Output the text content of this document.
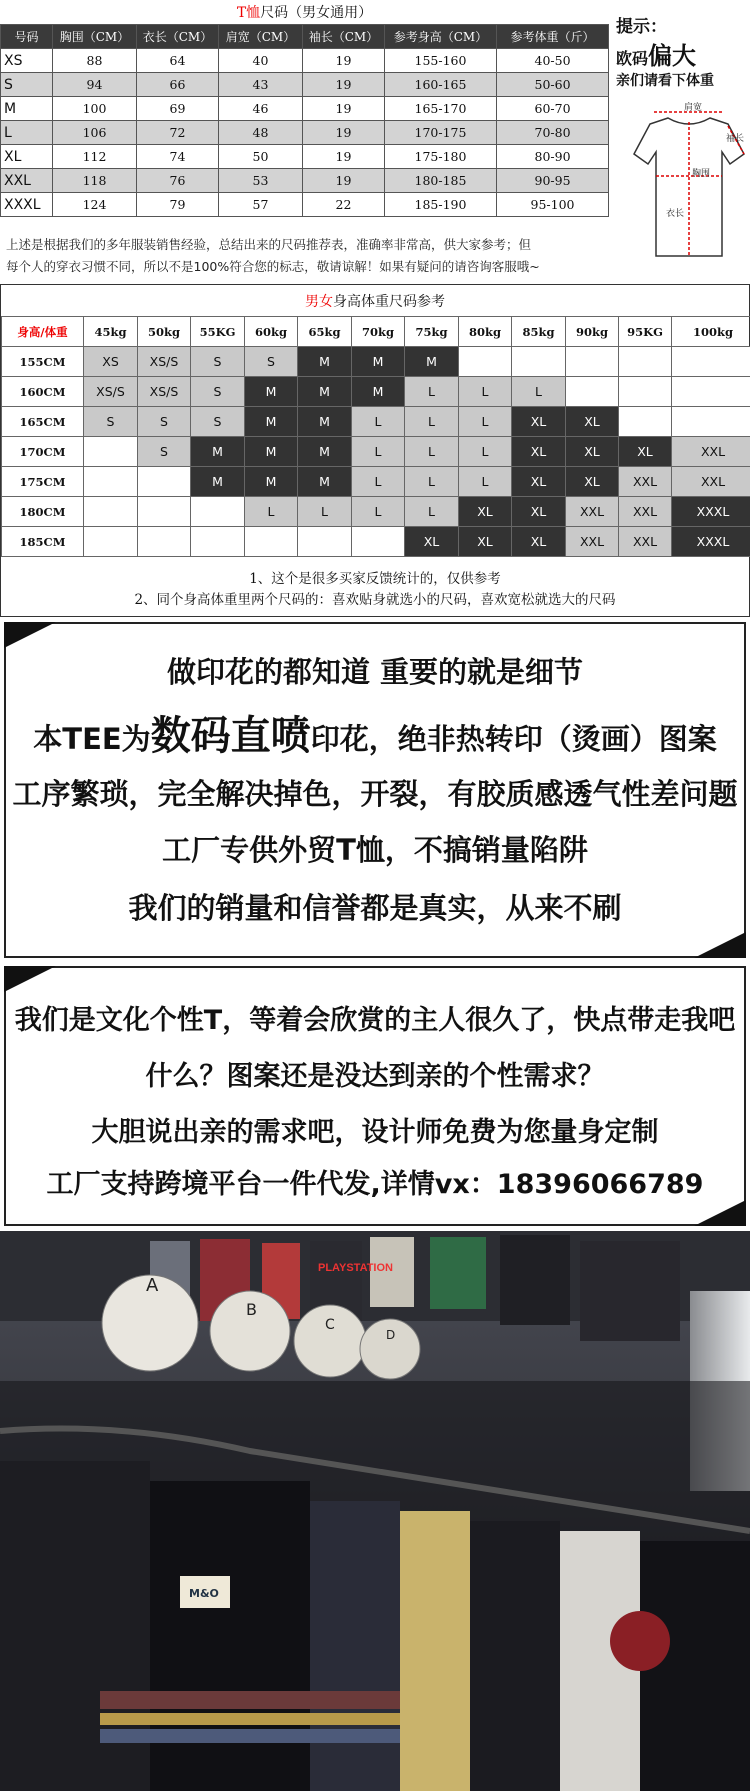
T恤尺码（男女通用）						
号码	胸围（CM）	衣长（CM）	肩宽（CM）	袖长（CM）	参考身高（CM）	参考体重（斤）
XS	88	64	40	19	155-160	40-50
S	94	66	43	19	160-165	50-60
M	100	69	46	19	165-170	60-70
L	106	72	48	19	170-175	70-80
XL	112	74	50	19	175-180	80-90
XXL	118	76	53	19	180-185	90-95
XXXL	124	79	57	22	185-190	95-100
上述是根据我们的多年服装销售经验，总结出来的尺码推荐表，准确率非常高，供大家参考；但
每个人的穿衣习惯不同，所以不是100%符合您的标志，敬请谅解！如果有疑问的请咨询客服哦~
提示：
欧码偏大
亲们请看下体重
肩宽
袖长
胸围
衣长
男女身高体重尺码参考
身高/体重	45kg	50kg	55KG	60kg	65kg	70kg	75kg	80kg	85kg	90kg	95KG	100kg
155CM	XS	XS/S	S	S	M	M	M					
160CM	XS/S	XS/S	S	M	M	M	L	L	L			
165CM	S	S	S	M	M	L	L	L	XL	XL		
170CM		S	M	M	M	L	L	L	XL	XL	XL	XXL
175CM			M	M	M	L	L	L	XL	XL	XXL	XXL
180CM				L	L	L	L	XL	XL	XXL	XXL	XXXL
185CM							XL	XL	XL	XXL	XXL	XXXL
1、这个是很多买家反馈统计的，仅供参考
2、同个身高体重里两个尺码的：喜欢贴身就选小的尺码，喜欢宽松就选大的尺码
做印花的都知道 重要的就是细节
本TEE为数码直喷印花，绝非热转印（烫画）图案
工序繁琐，完全解决掉色，开裂，有胶质感透气性差问题
工厂专供外贸T恤，不搞销量陷阱
我们的销量和信誉都是真实，从来不刷
我们是文化个性T，等着会欣赏的主人很久了，快点带走我吧
什么？图案还是没达到亲的个性需求？
大胆说出亲的需求吧，设计师免费为您量身定制
工厂支持跨境平台一件代发,详情vx：18396066789
PLAYSTATION
A
B
C
D
M&O
